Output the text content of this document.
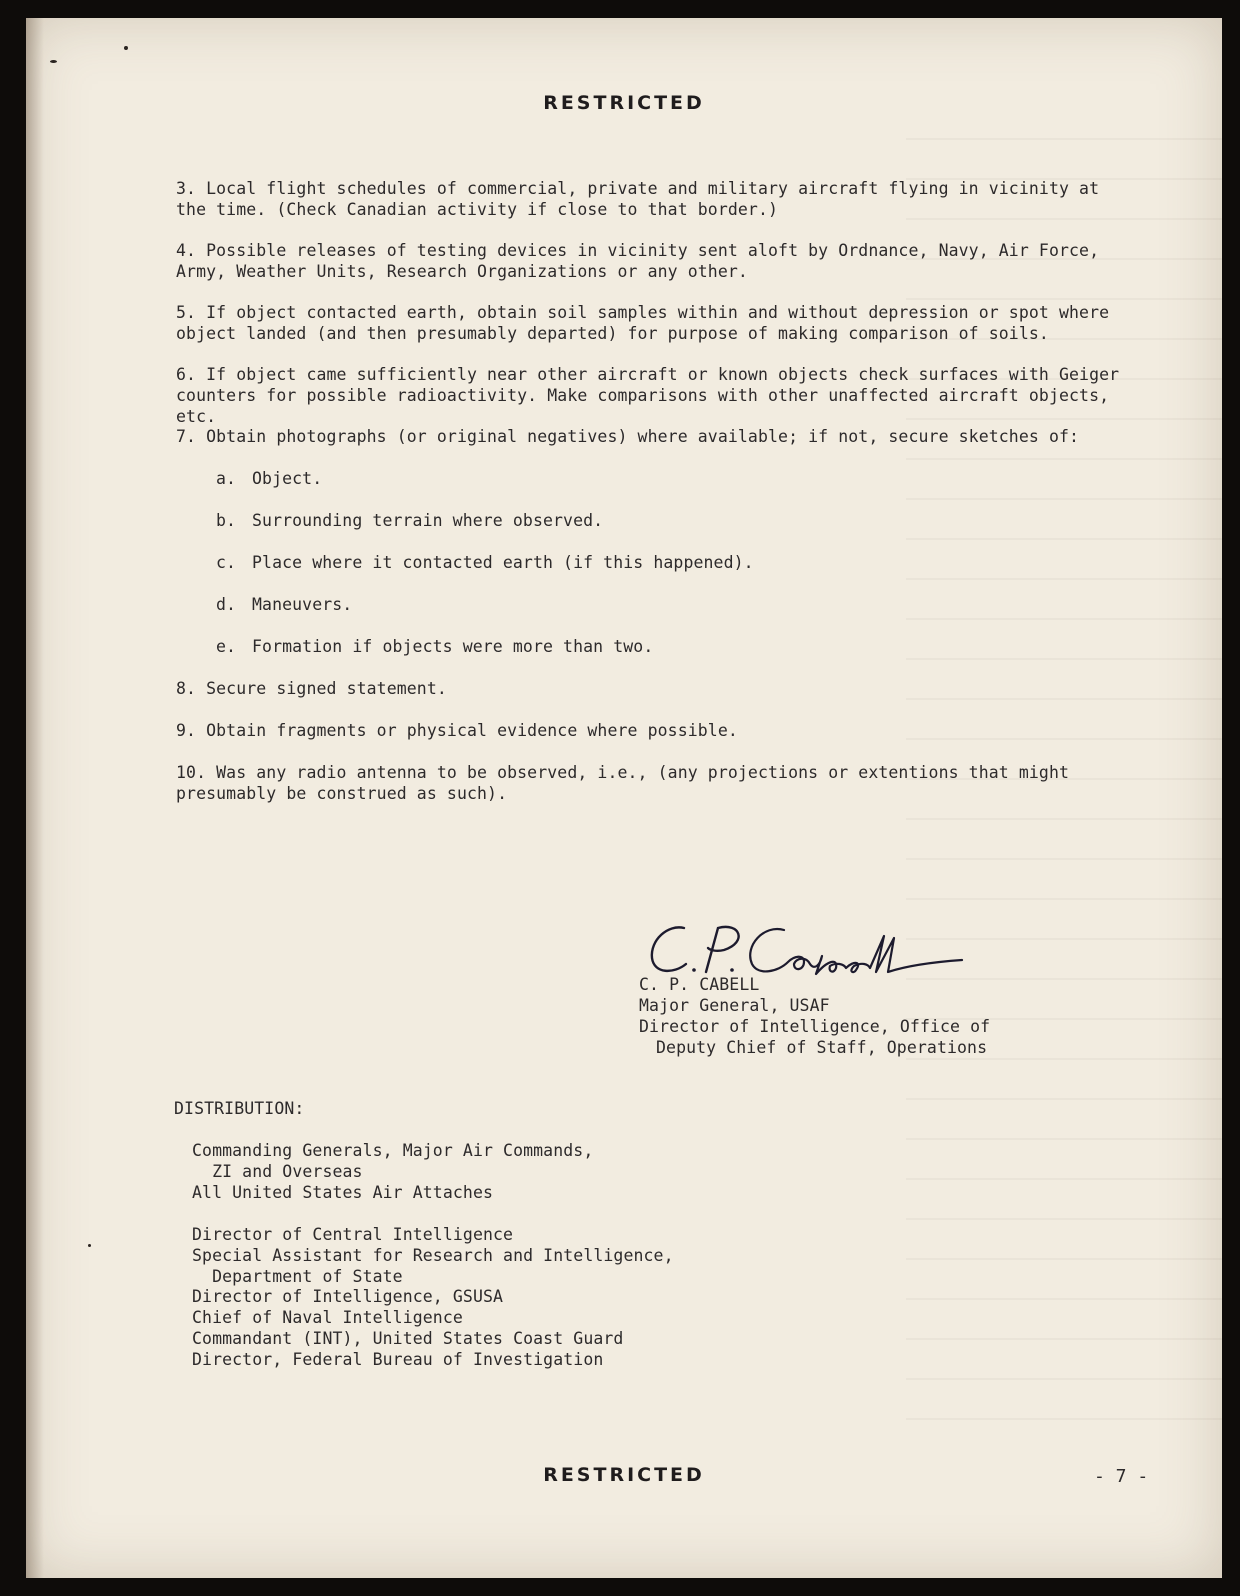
RESTRICTED

3. Local flight schedules of commercial, private and military aircraft flying in vicinity at the time. (Check Canadian activity if close to that border.)

4. Possible releases of testing devices in vicinity sent aloft by Ordnance, Navy, Air Force, Army, Weather Units, Research Organizations or any other.

5. If object contacted earth, obtain soil samples within and without depression or spot where object landed (and then presumably departed) for purpose of making comparison of soils.

6. If object came sufficiently near other aircraft or known objects check surfaces with Geiger counters for possible radioactivity. Make comparisons with other unaffected aircraft objects, etc.

7. Obtain photographs (or original negatives) where available; if not, secure sketches of:

a. Object.

b. Surrounding terrain where observed.

c. Place where it contacted earth (if this happened).

d. Maneuvers.

e. Formation if objects were more than two.

8. Secure signed statement.

9. Obtain fragments or physical evidence where possible.

10. Was any radio antenna to be observed, i.e., (any projections or extentions that might presumably be construed as such).

C. P. CABELL
Major General, USAF
Director of Intelligence, Office of
Deputy Chief of Staff, Operations
DISTRIBUTION:
Commanding Generals, Major Air Commands,
ZI and Overseas
All United States Air Attaches
Director of Central Intelligence
Special Assistant for Research and Intelligence,
Department of State
Director of Intelligence, GSUSA
Chief of Naval Intelligence
Commandant (INT), United States Coast Guard
Director, Federal Bureau of Investigation
RESTRICTED	- 7 -
